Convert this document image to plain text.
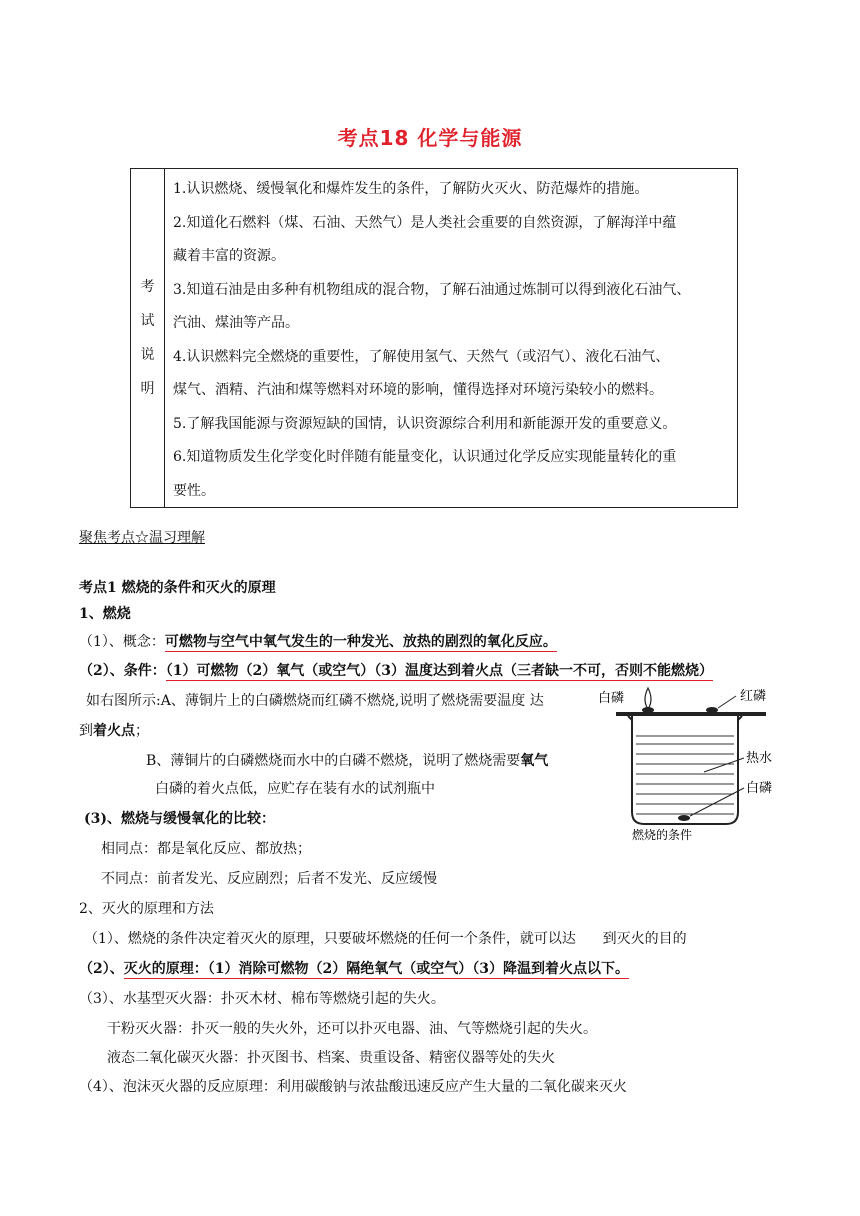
考点18 化学与能源
考
试
说
明
1.认识燃烧、缓慢氧化和爆炸发生的条件，了解防火灭火、防范爆炸的措施。
2.知道化石燃料（煤、石油、天然气）是人类社会重要的自然资源，了解海洋中蕴
藏着丰富的资源。
3.知道石油是由多种有机物组成的混合物，了解石油通过炼制可以得到液化石油气、
汽油、煤油等产品。
4.认识燃料完全燃烧的重要性，了解使用氢气、天然气（或沼气）、液化石油气、
煤气、酒精、汽油和煤等燃料对环境的影响，懂得选择对环境污染较小的燃料。
5.了解我国能源与资源短缺的国情，认识资源综合利用和新能源开发的重要意义。
6.知道物质发生化学变化时伴随有能量变化，认识通过化学反应实现能量转化的重
要性。
聚焦考点☆温习理解
考点1 燃烧的条件和灭火的原理
1、燃烧
（1）、概念：可燃物与空气中氧气发生的一种发光、放热的剧烈的氧化反应。
（2）、条件：（1）可燃物（2）氧气（或空气）（3）温度达到着火点（三者缺一不可，否则不能燃烧）
如右图所示:A、薄铜片上的白磷燃烧而红磷不燃烧,说明了燃烧需要温度 达
到着火点；
B、薄铜片的白磷燃烧而水中的白磷不燃烧，说明了燃烧需要氧气
白磷的着火点低，应贮存在装有水的试剂瓶中
(3)、燃烧与缓慢氧化的比较：
相同点：都是氧化反应、都放热；
不同点：前者发光、反应剧烈；后者不发光、反应缓慢
2、灭火的原理和方法
（1）、燃烧的条件决定着灭火的原理，只要破坏燃烧的任何一个条件，就可以达      到灭火的目的
（2）、灭火的原理：（1）消除可燃物（2）隔绝氧气（或空气）（3）降温到着火点以下。
（3）、水基型灭火器：扑灭木材、棉布等燃烧引起的失火。
干粉灭火器：扑灭一般的失火外，还可以扑灭电器、油、气等燃烧引起的失火。
液态二氧化碳灭火器：扑灭图书、档案、贵重设备、精密仪器等处的失火
（4）、泡沫灭火器的反应原理：利用碳酸钠与浓盐酸迅速反应产生大量的二氧化碳来灭火
白磷	红磷
热水
白磷
燃烧的条件
